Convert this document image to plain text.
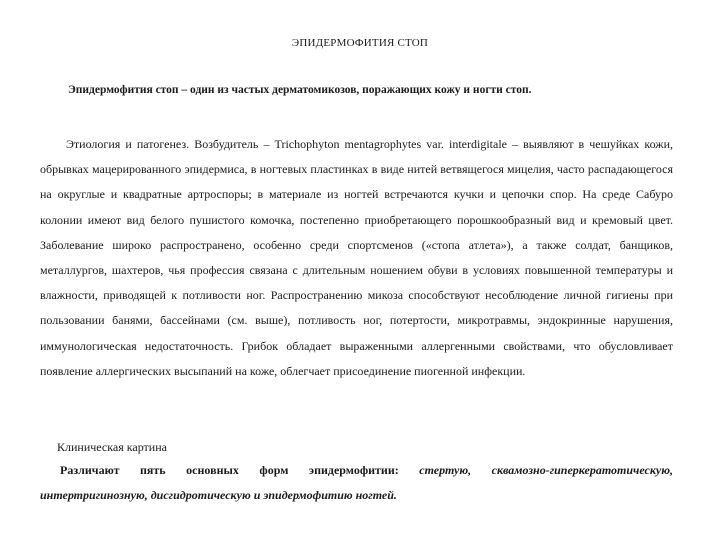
ЭПИДЕРМОФИТИЯ СТОП
Эпидермофития стоп – один из частых дерматомикозов, поражающих кожу и ногти стоп.

Этиология и патогенез. Возбудитель – Trichophyton mentagrophytes var. interdigitale – выявляют в чешуйках кожи, обрывках мацерированного эпидермиса, в ногтевых пластинках в виде нитей ветвящегося мицелия, часто распадающегося на округлые и квадратные артроспоры; в материале из ногтей встречаются кучки и цепочки спор. На среде Сабуро колонии имеют вид белого пушистого комочка, постепенно приобретающего порошкообразный вид и кремовый цвет. Заболевание широко распространено, особенно среди спортсменов («стопа атлета»), а также солдат, банщиков, металлургов, шахтеров, чья профессия связана с длительным ношением обуви в условиях повышенной температуры и влажности, приводящей к потливости ног. Распространению микоза способствуют несоблюдение личной гигиены при пользовании банями, бассейнами (см. выше), потливость ног, потертости, микротравмы, эндокринные нарушения, иммунологическая недостаточность. Грибок обладает выраженными аллергенными свойствами, что обусловливает появление аллергических высыпаний на коже, облегчает присоединение пиогенной инфекции.

Клиническая картина

Различают пять основных форм эпидермофитии: стертую, сквамозно-гиперкератотическую, интертригинозную, дисгидротическую и эпидермофитию ногтей.
